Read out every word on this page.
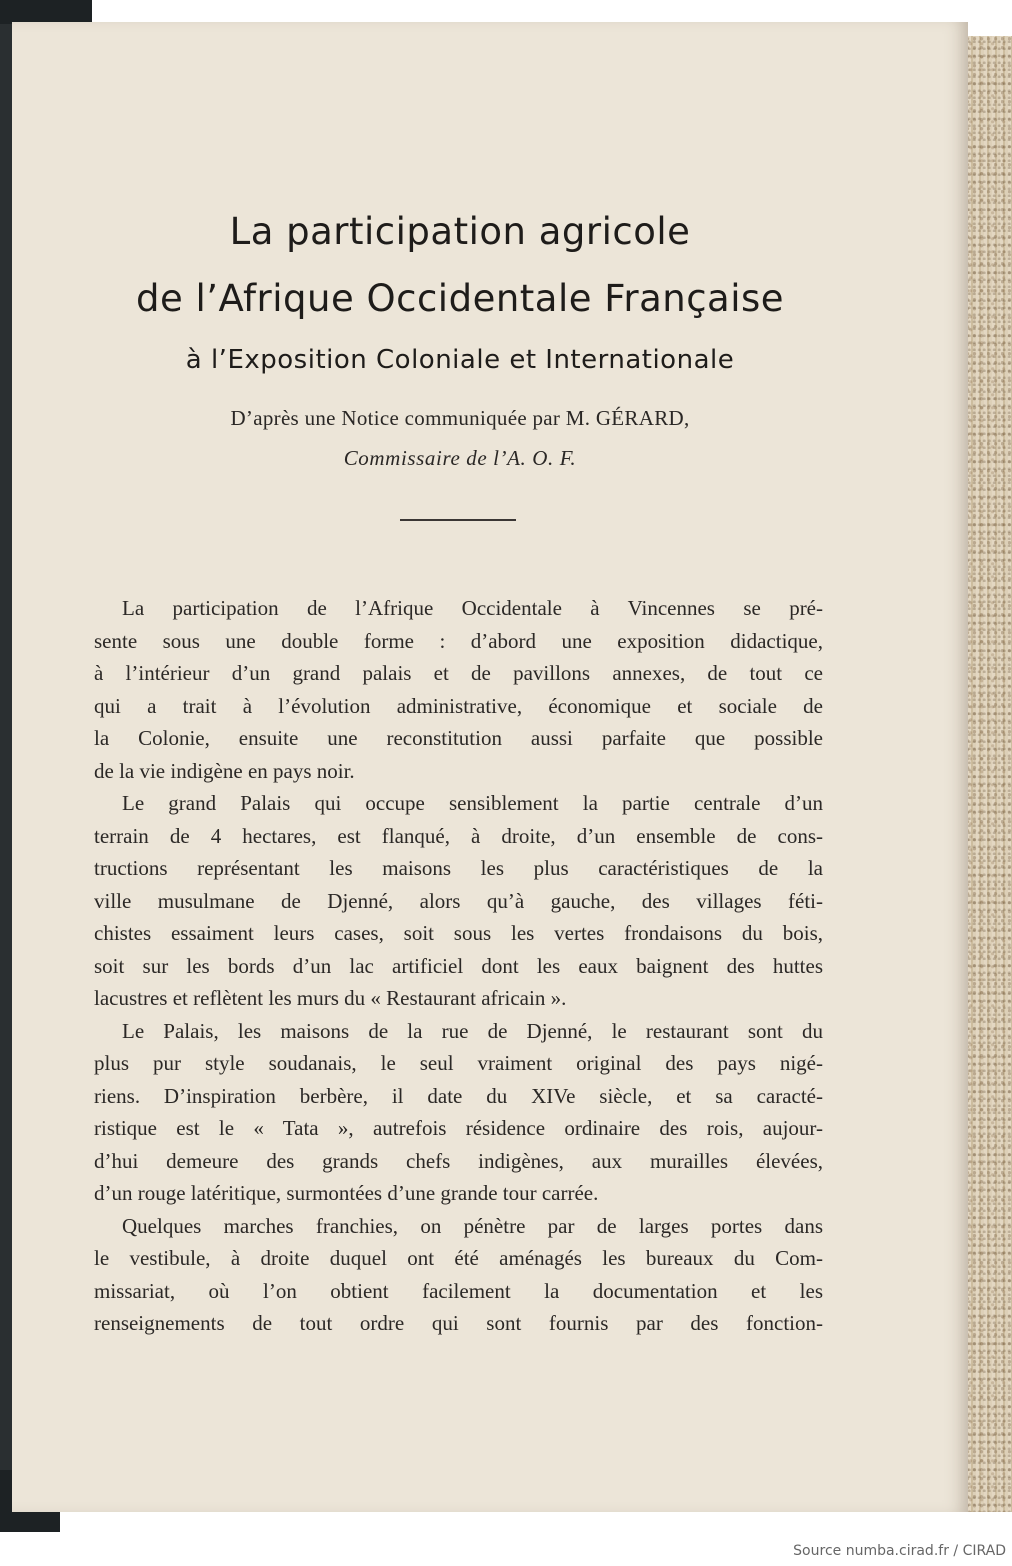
La participation agricole
de l’Afrique Occidentale Française
à l’Exposition Coloniale et Internationale

D’après une Notice communiquée par M. GÉRARD,

Commissaire de l’A. O. F.

La participation de l’Afrique Occidentale à Vincennes se pré-
sente sous une double forme : d’abord une exposition didactique,
à l’intérieur d’un grand palais et de pavillons annexes, de tout ce
qui a trait à l’évolution administrative, économique et sociale de
la Colonie, ensuite une reconstitution aussi parfaite que possible
de la vie indigène en pays noir.
Le grand Palais qui occupe sensiblement la partie centrale d’un
terrain de 4 hectares, est flanqué, à droite, d’un ensemble de cons-
tructions représentant les maisons les plus caractéristiques de la
ville musulmane de Djenné, alors qu’à gauche, des villages féti-
chistes essaiment leurs cases, soit sous les vertes frondaisons du bois,
soit sur les bords d’un lac artificiel dont les eaux baignent des huttes
lacustres et reflètent les murs du « Restaurant africain ».
Le Palais, les maisons de la rue de Djenné, le restaurant sont du
plus pur style soudanais, le seul vraiment original des pays nigé-
riens. D’inspiration berbère, il date du XIVe siècle, et sa caracté-
ristique est le « Tata », autrefois résidence ordinaire des rois, aujour-
d’hui demeure des grands chefs indigènes, aux murailles élevées,
d’un rouge latéritique, surmontées d’une grande tour carrée.
Quelques marches franchies, on pénètre par de larges portes dans
le vestibule, à droite duquel ont été aménagés les bureaux du Com-
missariat, où l’on obtient facilement la documentation et les
renseignements de tout ordre qui sont fournis par des fonction-

Source numba.cirad.fr / CIRAD
